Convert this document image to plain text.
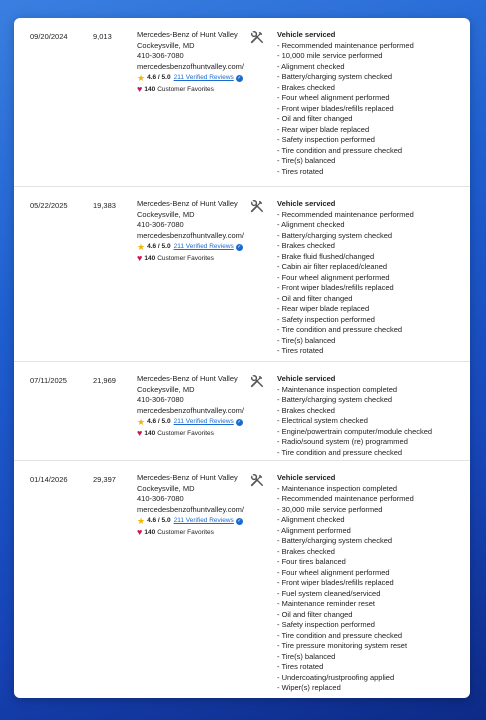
09/20/2024	9,013	Mercedes-Benz of Hunt Valley
Cockeysville, MD
410-306-7080
mercedesbenzofhuntvalley.com/
★ 4.6 / 5.0 211 Verified Reviews ✓
♥ 140 Customer Favorites
Vehicle serviced
- Recommended maintenance performed
- 10,000 mile service performed
- Alignment checked
- Battery/charging system checked
- Brakes checked
- Four wheel alignment performed
- Front wiper blades/refills replaced
- Oil and filter changed
- Rear wiper blade replaced
- Safety inspection performed
- Tire condition and pressure checked
- Tire(s) balanced
- Tires rotated
05/22/2025	19,383	Mercedes-Benz of Hunt Valley
Cockeysville, MD
410-306-7080
mercedesbenzofhuntvalley.com/
★ 4.6 / 5.0 211 Verified Reviews ✓
♥ 140 Customer Favorites
Vehicle serviced
- Recommended maintenance performed
- Alignment checked
- Battery/charging system checked
- Brakes checked
- Brake fluid flushed/changed
- Cabin air filter replaced/cleaned
- Four wheel alignment performed
- Front wiper blades/refills replaced
- Oil and filter changed
- Rear wiper blade replaced
- Safety inspection performed
- Tire condition and pressure checked
- Tire(s) balanced
- Tires rotated
07/11/2025	21,969	Mercedes-Benz of Hunt Valley
Cockeysville, MD
410-306-7080
mercedesbenzofhuntvalley.com/
★ 4.6 / 5.0 211 Verified Reviews ✓
♥ 140 Customer Favorites
Vehicle serviced
- Maintenance inspection completed
- Battery/charging system checked
- Brakes checked
- Electrical system checked
- Engine/powertrain computer/module checked
- Radio/sound system (re) programmed
- Tire condition and pressure checked
01/14/2026	29,397	Mercedes-Benz of Hunt Valley
Cockeysville, MD
410-306-7080
mercedesbenzofhuntvalley.com/
★ 4.6 / 5.0 211 Verified Reviews ✓
♥ 140 Customer Favorites
Vehicle serviced
- Maintenance inspection completed
- Recommended maintenance performed
- 30,000 mile service performed
- Alignment checked
- Alignment performed
- Battery/charging system checked
- Brakes checked
- Four tires balanced
- Four wheel alignment performed
- Front wiper blades/refills replaced
- Fuel system cleaned/serviced
- Maintenance reminder reset
- Oil and filter changed
- Safety inspection performed
- Tire condition and pressure checked
- Tire pressure monitoring system reset
- Tire(s) balanced
- Tires rotated
- Undercoating/rustproofing applied
- Wiper(s) replaced
